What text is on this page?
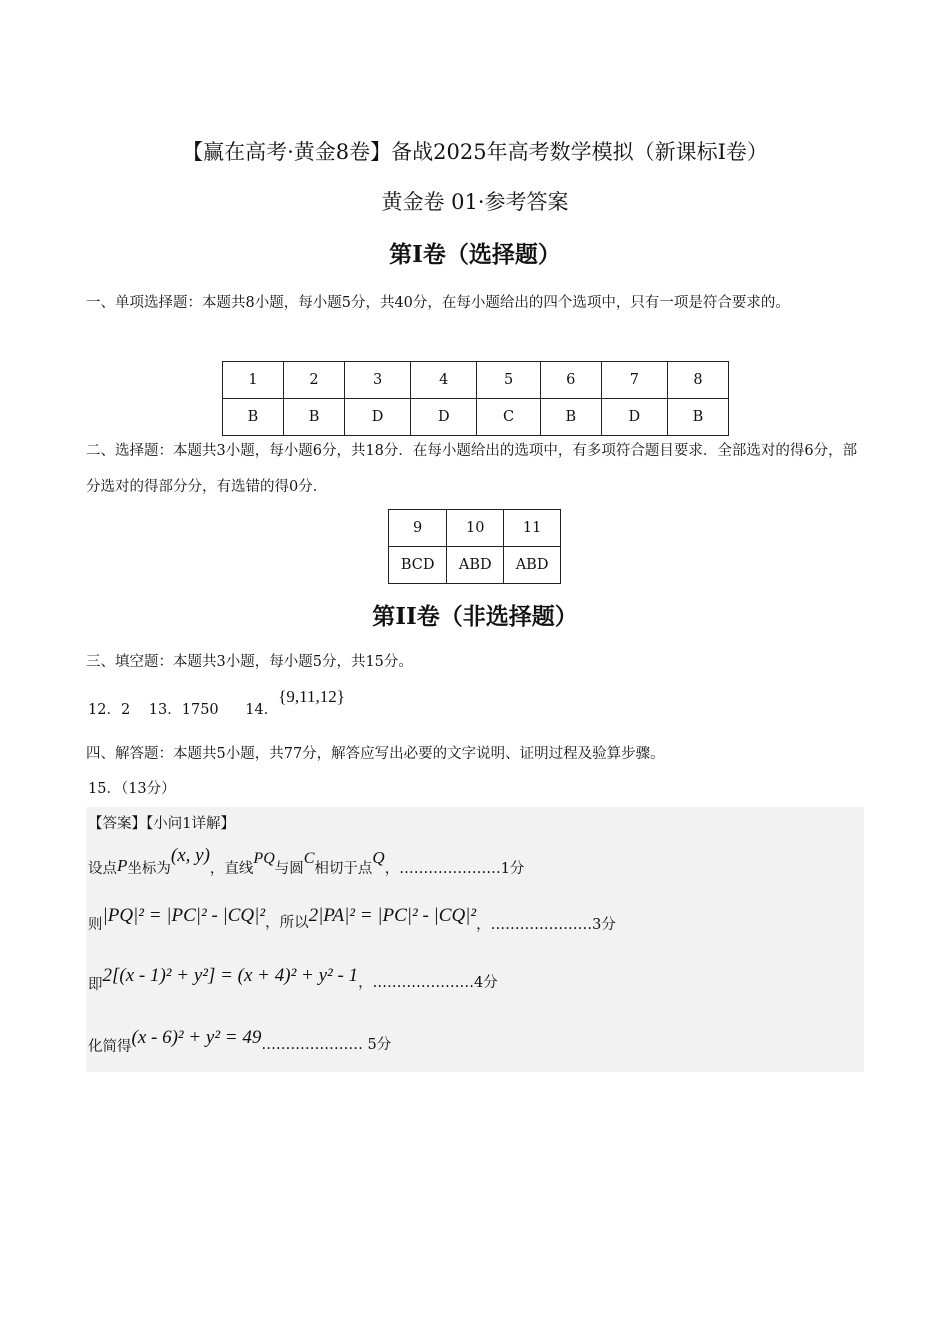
【赢在高考·黄金8卷】备战2025年高考数学模拟（新课标I卷）
黄金卷 01·参考答案
第I卷（选择题）
一、单项选择题：本题共8小题，每小题5分，共40分，在每小题给出的四个选项中，只有一项是符合要求的。
1	2	3	4	5	6	7	8
B	B	D	D	C	B	D	B
二、选择题：本题共3小题，每小题6分，共18分．在每小题给出的选项中，有多项符合题目要求．全部选对的得6分，部分选对的得部分分，有选错的得0分．
9	10	11
BCD	ABD	ABD
第II卷（非选择题）
三、填空题：本题共3小题，每小题5分，共15分。
12．2 13．1750 14．{9,11,12}
四、解答题：本题共5小题，共77分，解答应写出必要的文字说明、证明过程及验算步骤。
15．（13分）
【答案】【小问1详解】
设点P坐标为(x, y)，直线PQ与圆C相切于点Q，…………………1分
则|PQ|² = |PC|² - |CQ|²，所以2|PA|² = |PC|² - |CQ|²，…………………3分
即2[(x - 1)² + y²] = (x + 4)² + y² - 1，…………………4分
化简得(x - 6)² + y² = 49………………… 5分
